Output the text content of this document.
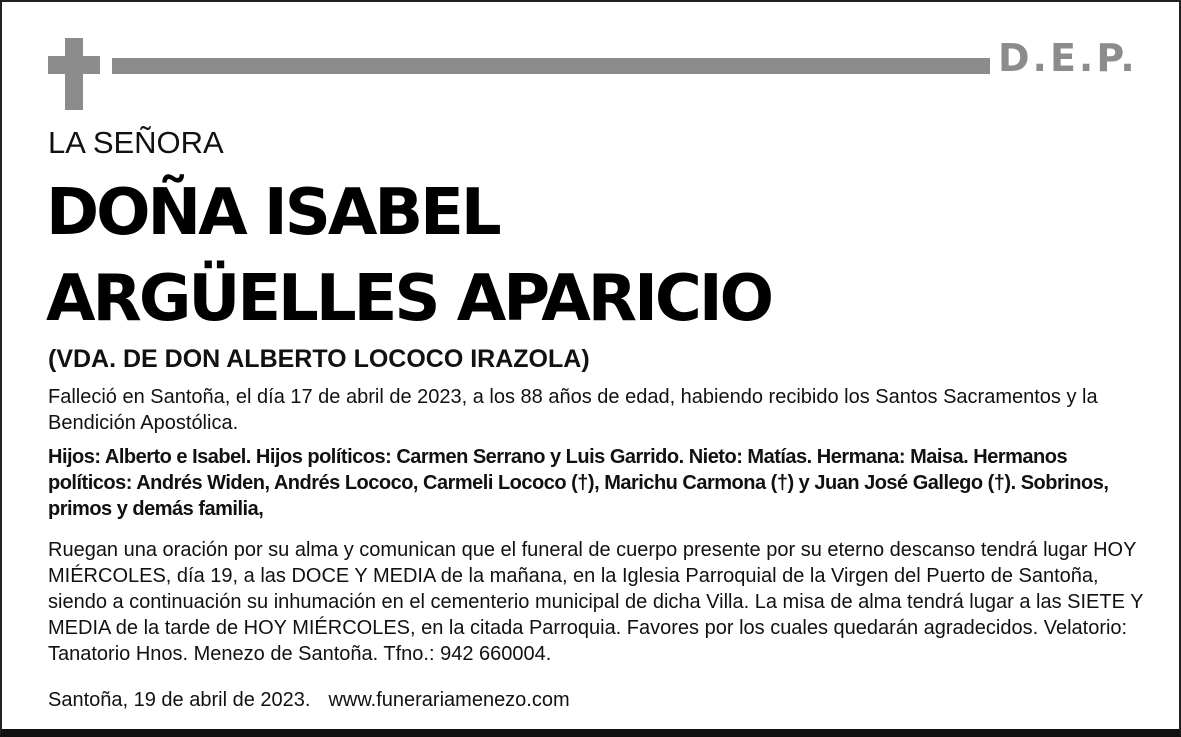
D.E.P.
LA SEÑORA
DOÑA ISABEL
ARGÜELLES APARICIO
(VDA. DE DON ALBERTO LOCOCO IRAZOLA)

Falleció en Santoña, el día 17 de abril de 2023, a los 88 años de edad, habiendo recibido los Santos Sacramentos y la Bendición Apostólica.

Hijos: Alberto e Isabel. Hijos políticos: Carmen Serrano y Luis Garrido. Nieto: Matías. Hermana: Maisa. Hermanos políticos: Andrés Widen, Andrés Lococo, Carmeli Lococo (†), Marichu Carmona (†) y Juan José Gallego (†). Sobrinos, primos y demás familia,

Ruegan una oración por su alma y comunican que el funeral de cuerpo presente por su eterno descanso tendrá lugar HOY MIÉRCOLES, día 19, a las DOCE Y MEDIA de la mañana, en la Iglesia Parroquial de la Virgen del Puerto de Santoña, siendo a continuación su inhumación en el cementerio municipal de dicha Villa. La misa de alma tendrá lugar a las SIETE Y MEDIA de la tarde de HOY MIÉRCOLES, en la citada Parroquia. Favores por los cuales quedarán agradecidos. Velatorio: Tanatorio Hnos. Menezo de Santoña. Tfno.: 942 660004.

Santoña, 19 de abril de 2023. www.funerariamenezo.com
